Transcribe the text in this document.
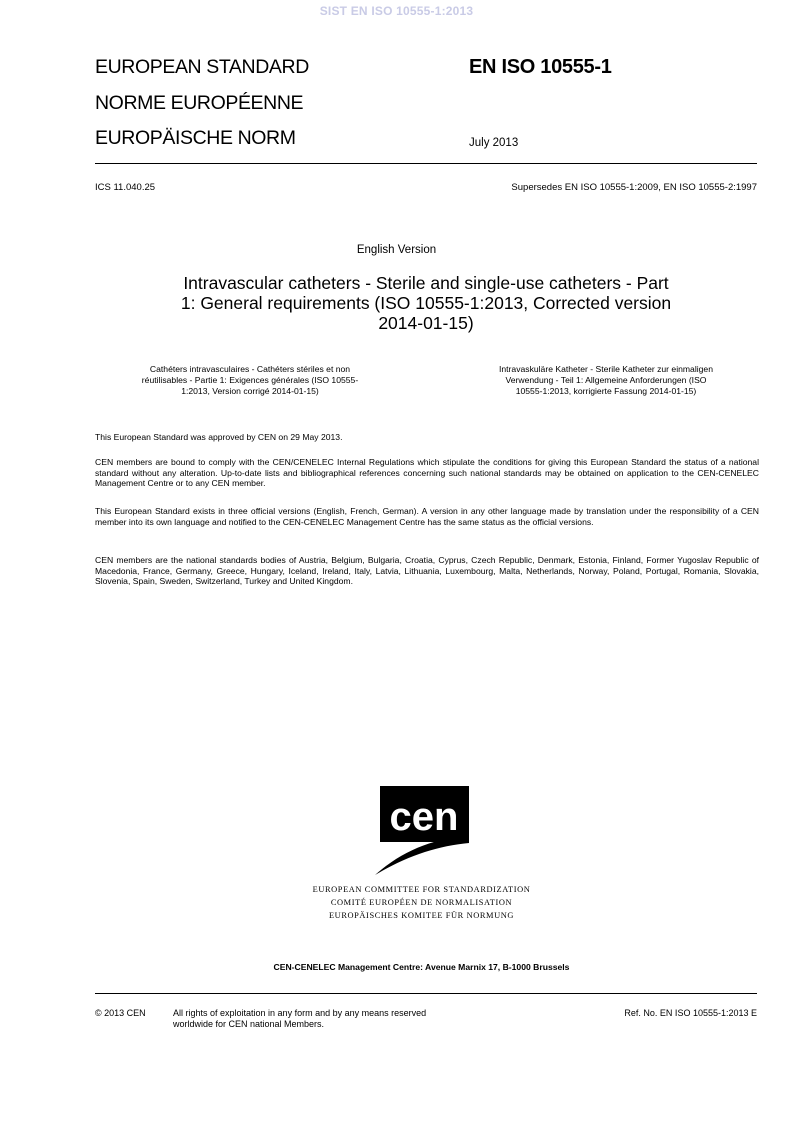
SIST EN ISO 10555-1:2013
EUROPEAN STANDARD
NORME EUROPÉENNE
EUROPÄISCHE NORM
EN ISO 10555-1
July 2013
ICS 11.040.25	Supersedes EN ISO 10555-1:2009, EN ISO 10555-2:1997
English Version
Intravascular catheters - Sterile and single-use catheters - Part
1: General requirements (ISO 10555-1:2013, Corrected version
2014-01-15)
Cathéters intravasculaires - Cathéters stériles et non
réutilisables - Partie 1: Exigences générales (ISO 10555-
1:2013, Version corrigé 2014-01-15)
Intravaskuläre Katheter - Sterile Katheter zur einmaligen
Verwendung - Teil 1: Allgemeine Anforderungen (ISO
10555-1:2013, korrigierte Fassung 2014-01-15)

This European Standard was approved by CEN on 29 May 2013.

CEN members are bound to comply with the CEN/CENELEC Internal Regulations which stipulate the conditions for giving this European Standard the status of a national standard without any alteration. Up-to-date lists and bibliographical references concerning such national standards may be obtained on application to the CEN-CENELEC Management Centre or to any CEN member.

This European Standard exists in three official versions (English, French, German). A version in any other language made by translation under the responsibility of a CEN member into its own language and notified to the CEN-CENELEC Management Centre has the same status as the official versions.

CEN members are the national standards bodies of Austria, Belgium, Bulgaria, Croatia, Cyprus, Czech Republic, Denmark, Estonia, Finland, Former Yugoslav Republic of Macedonia, France, Germany, Greece, Hungary, Iceland, Ireland, Italy, Latvia, Lithuania, Luxembourg, Malta, Netherlands, Norway, Poland, Portugal, Romania, Slovakia, Slovenia, Spain, Sweden, Switzerland, Turkey and United Kingdom.

cen
EUROPEAN COMMITTEE FOR STANDARDIZATION
COMITÉ EUROPÉEN DE NORMALISATION
EUROPÄISCHES KOMITEE FÜR NORMUNG
CEN-CENELEC Management Centre: Avenue Marnix 17, B-1000 Brussels
© 2013 CEN	All rights of exploitation in any form and by any means reserved
worldwide for CEN national Members.
Ref. No. EN ISO 10555-1:2013 E
